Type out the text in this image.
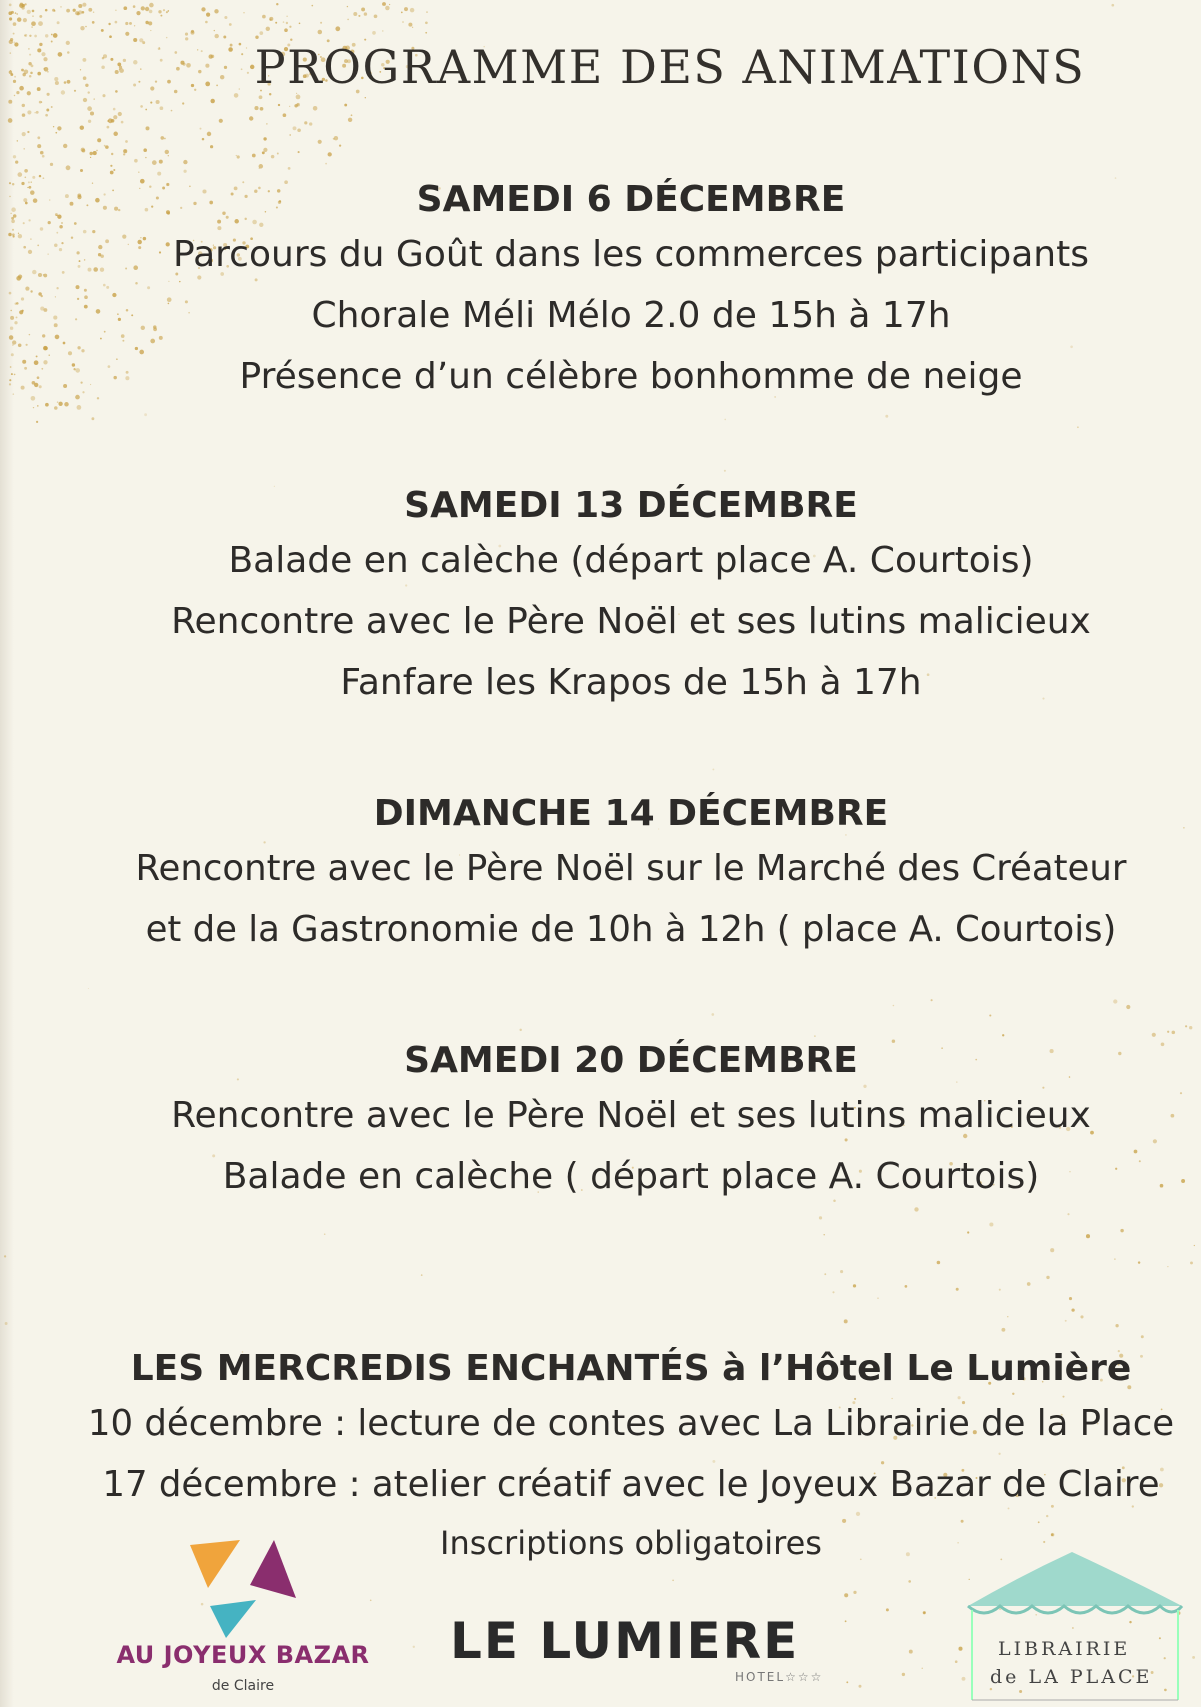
PROGRAMME DES ANIMATIONS
SAMEDI 6 DÉCEMBRE
Parcours du Goût dans les commerces participants
Chorale Méli Mélo 2.0 de 15h à 17h
Présence d’un célèbre bonhomme de neige
SAMEDI 13 DÉCEMBRE
Balade en calèche (départ place A. Courtois)
Rencontre avec le Père Noël et ses lutins malicieux
Fanfare les Krapos de 15h à 17h
DIMANCHE 14 DÉCEMBRE
Rencontre avec le Père Noël sur le Marché des Créateur
et de la Gastronomie de 10h à 12h ( place A. Courtois)
SAMEDI 20 DÉCEMBRE
Rencontre avec le Père Noël et ses lutins malicieux
Balade en calèche ( départ place A. Courtois)
LES MERCREDIS ENCHANTÉS à l’Hôtel Le Lumière
10 décembre : lecture de contes avec La Librairie de la Place
17 décembre : atelier créatif avec le Joyeux Bazar de Claire
Inscriptions obligatoires
AU JOYEUX BAZAR
de Claire
LE LUMIERE
HOTEL☆☆☆
LIBRAIRIE
de LA PLACE
